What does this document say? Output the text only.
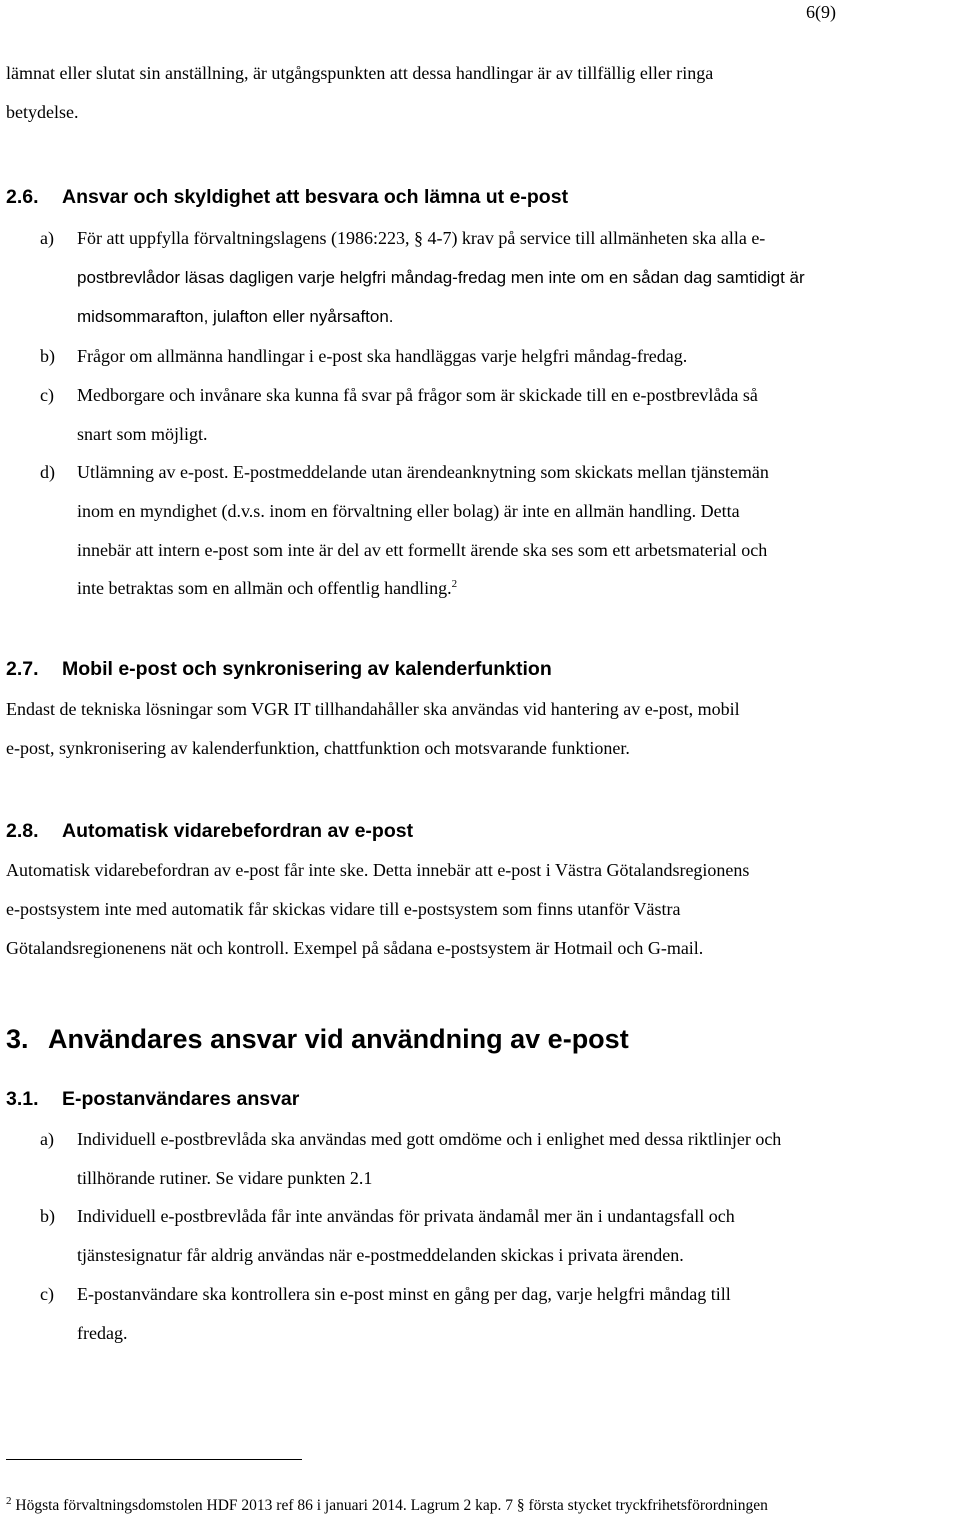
6(9)

lämnat eller slutat sin anställning, är utgångspunkten att dessa handlingar är av tillfällig eller ringa
betydelse.

2.6. Ansvar och skyldighet att besvara och lämna ut e-post
a) För att uppfylla förvaltningslagens (1986:223, § 4-7) krav på service till allmänheten ska alla e-
postbrevlådor läsas dagligen varje helgfri måndag-fredag men inte om en sådan dag samtidigt är
midsommarafton, julafton eller nyårsafton.
b) Frågor om allmänna handlingar i e-post ska handläggas varje helgfri måndag-fredag.
c) Medborgare och invånare ska kunna få svar på frågor som är skickade till en e-postbrevlåda så
snart som möjligt.
d) Utlämning av e-post. E-postmeddelande utan ärendeanknytning som skickats mellan tjänstemän
inom en myndighet (d.v.s. inom en förvaltning eller bolag) är inte en allmän handling. Detta
innebär att intern e-post som inte är del av ett formellt ärende ska ses som ett arbetsmaterial och
inte betraktas som en allmän och offentlig handling.$^2$
2.7. Mobil e-post och synkronisering av kalenderfunktion

Endast de tekniska lösningar som VGR IT tillhandahåller ska användas vid hantering av e-post, mobil
e-post, synkronisering av kalenderfunktion, chattfunktion och motsvarande funktioner.

2.8. Automatisk vidarebefordran av e-post

Automatisk vidarebefordran av e-post får inte ske. Detta innebär att e-post i Västra Götalandsregionens
e-postsystem inte med automatik får skickas vidare till e-postsystem som finns utanför Västra
Götalandsregionenens nät och kontroll. Exempel på sådana e-postsystem är Hotmail och G-mail.

3. Användares ansvar vid användning av e-post
3.1. E-postanvändares ansvar
a) Individuell e-postbrevlåda ska användas med gott omdöme och i enlighet med dessa riktlinjer och
tillhörande rutiner. Se vidare punkten 2.1
b) Individuell e-postbrevlåda får inte användas för privata ändamål mer än i undantagsfall och
tjänstesignatur får aldrig användas när e-postmeddelanden skickas i privata ärenden.
c) E-postanvändare ska kontrollera sin e-post minst en gång per dag, varje helgfri måndag till
fredag.
$^2$ Högsta förvaltningsdomstolen HDF 2013 ref 86 i januari 2014. Lagrum 2 kap. 7 § första stycket tryckfrihetsförordningen
